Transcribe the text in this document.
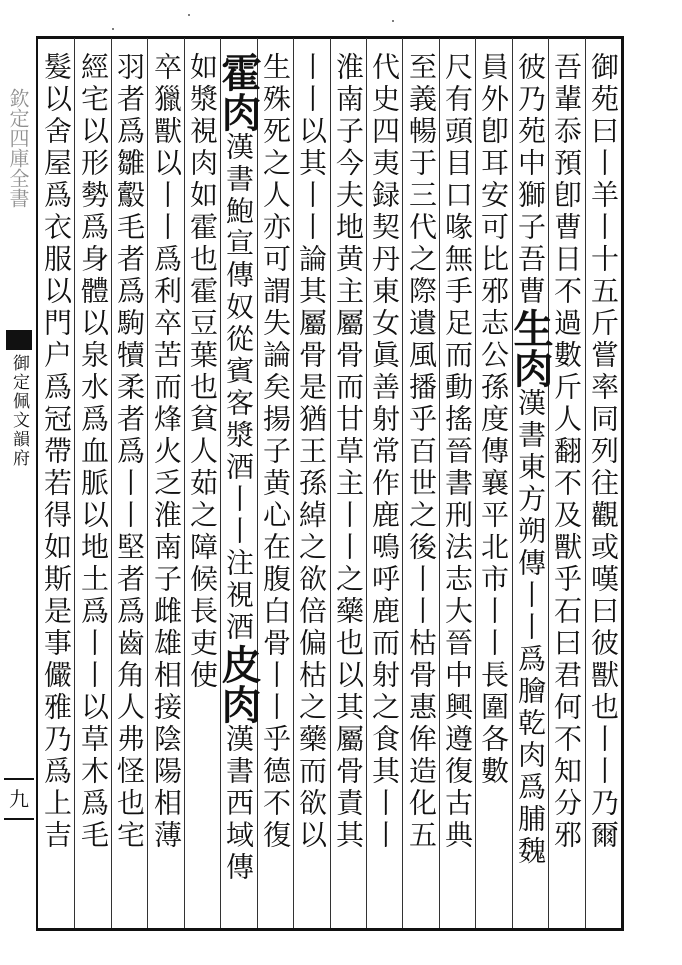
欽定四庫全書
御定佩文韻府
九	御苑曰丨羊丨十五斤嘗率同列往觀或嘆曰彼獸也丨丨乃爾
吾輩忝預卽曹日不過數斤人翻不及獸乎石曰君何不知分邪
彼乃苑中獅子吾曹生肉漢書東方朔傳丨丨爲膾乾肉爲脯魏
員外卽耳安可比邪志公孫度傳襄平北市丨丨長圍各數
尺有頭目口喙無手足而動搖晉書刑法志大晉中興遵復古典
至義暢于三代之際遺風播乎百世之後丨丨枯骨惠侔造化五
代史四夷録契丹東女眞善射常作鹿鳴呼鹿而射之食其丨丨
淮南子今夫地黄主屬骨而甘草主丨丨之藥也以其屬骨責其
丨丨以其丨丨論其屬骨是猶王孫綽之欲倍偏枯之藥而欲以
生殊死之人亦可謂失論矣揚子黄心在腹白骨丨丨乎德不復
霍肉漢書鮑宣傳奴從賓客漿酒丨丨注視酒皮肉漢書西域傳
如漿視肉如霍也霍豆葉也貧人茹之障候長吏使
卒獵獸以丨丨爲利卒苦而烽火乏淮南子雌雄相接陰陽相薄
羽者爲雛鷇毛者爲駒犢柔者爲丨丨堅者爲齒角人弗怪也宅
經宅以形勢爲身體以泉水爲血脈以地土爲丨丨以草木爲毛
髮以舍屋爲衣服以門户爲冠帶若得如斯是事儼雅乃爲上吉
